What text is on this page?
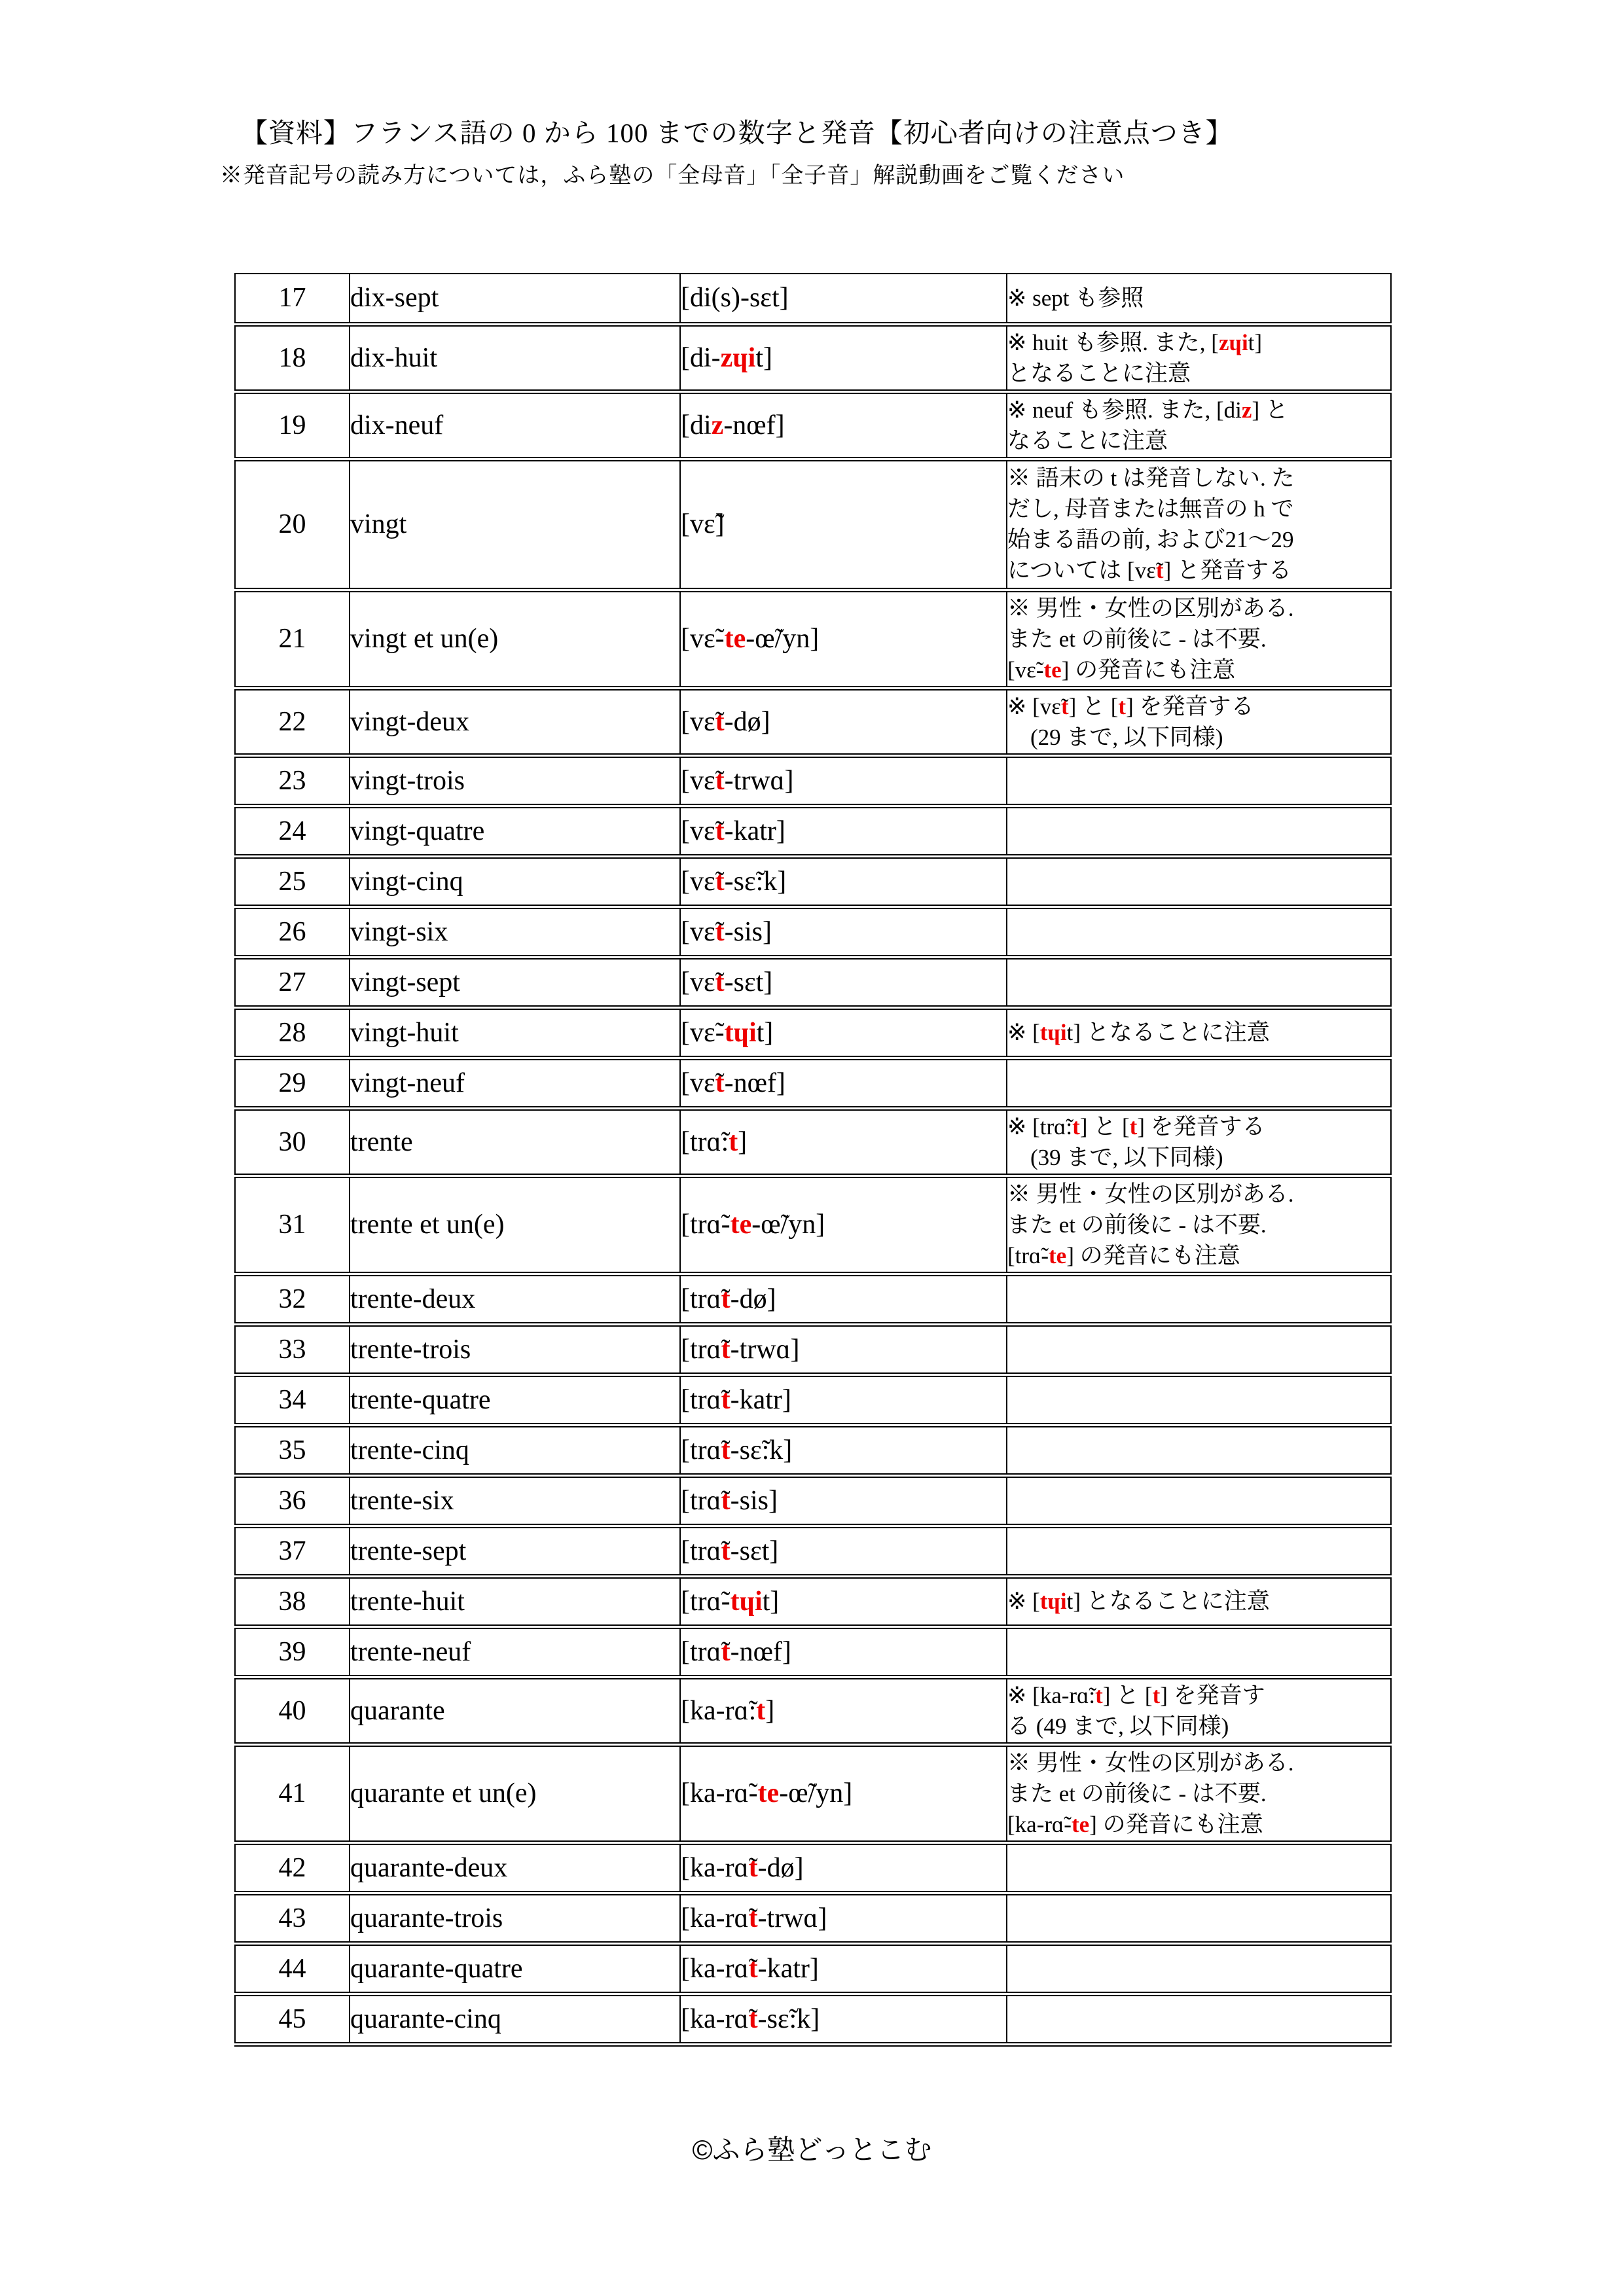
【資料】フランス語の 0 から 100 までの数字と発音【初心者向けの注意点つき】
※発音記号の読み方については，ふら塾の「全母音」「全子音」解説動画をご覧ください
17	dix-sept	[di(s)-sɛt]	※ sept も参照

18	dix-huit	[di-zɥit]	※ huit も参照. また, [zɥit]
となることに注意

19	dix-neuf	[diz-nœf]	※ neuf も参照. また, [diz] と
なることに注意

20	vingt	[vɛ̃]	※ 語末の t は発音しない. た
だし, 母音または無音の h で
始まる語の前, および21～29
については [vɛ̃t] と発音する

21	vingt et un(e)	[vɛ̃-te-œ̃/yn]	※ 男性・女性の区別がある.
また et の前後に - は不要.
[vɛ̃-te] の発音にも注意

22	vingt-deux	[vɛ̃t-dø]	※ [vɛ̃t] と [t] を発音する
　(29 まで, 以下同様)

23	vingt-trois	[vɛ̃t-trwɑ]	
24	vingt-quatre	[vɛ̃t-katr]	
25	vingt-cinq	[vɛ̃t-sɛ̃:k]	
26	vingt-six	[vɛ̃t-sis]	
27	vingt-sept	[vɛ̃t-sɛt]	
28	vingt-huit	[vɛ̃-tɥit]	※ [tɥit] となることに注意

29	vingt-neuf	[vɛ̃t-nœf]	
30	trente	[trɑ̃:t]	※ [trɑ̃:t] と [t] を発音する
　(39 まで, 以下同様)

31	trente et un(e)	[trɑ̃-te-œ̃/yn]	※ 男性・女性の区別がある.
また et の前後に - は不要.
[trɑ̃-te] の発音にも注意

32	trente-deux	[trɑ̃t-dø]	
33	trente-trois	[trɑ̃t-trwɑ]	
34	trente-quatre	[trɑ̃t-katr]	
35	trente-cinq	[trɑ̃t-sɛ̃:k]	
36	trente-six	[trɑ̃t-sis]	
37	trente-sept	[trɑ̃t-sɛt]	
38	trente-huit	[trɑ̃-tɥit]	※ [tɥit] となることに注意

39	trente-neuf	[trɑ̃t-nœf]	
40	quarante	[ka-rɑ̃:t]	※ [ka-rɑ̃:t] と [t] を発音す
る (49 まで, 以下同様)

41	quarante et un(e)	[ka-rɑ̃-te-œ̃/yn]	※ 男性・女性の区別がある.
また et の前後に - は不要.
[ka-rɑ̃-te] の発音にも注意

42	quarante-deux	[ka-rɑ̃t-dø]	
43	quarante-trois	[ka-rɑ̃t-trwɑ]	
44	quarante-quatre	[ka-rɑ̃t-katr]	
45	quarante-cinq	[ka-rɑ̃t-sɛ̃:k]	
©ふら塾どっとこむ
